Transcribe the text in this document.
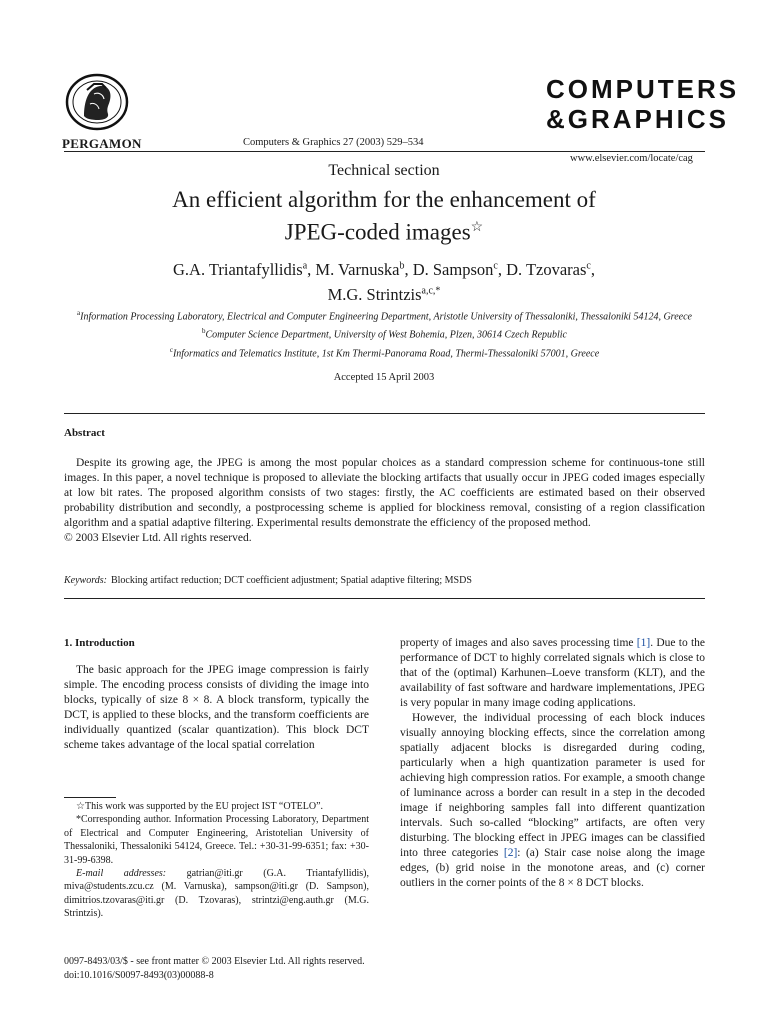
PERGAMON	Computers & Graphics 27 (2003) 529–534
COMPUTERS
&GRAPHICS
www.elsevier.com/locate/cag
Technical section
An efficient algorithm for the enhancement of
JPEG-coded images☆
G.A. Triantafyllidis$^a$, M. Varnuska$^b$, D. Sampson$^c$, D. Tzovaras$^c$,
M.G. Strintzis$^{a,c,*}$
$^a$Information Processing Laboratory, Electrical and Computer Engineering Department, Aristotle University of Thessaloniki, Thessaloniki 54124, Greece
$^b$Computer Science Department, University of West Bohemia, Plzen, 30614 Czech Republic
$^c$Informatics and Telematics Institute, 1st Km Thermi-Panorama Road, Thermi-Thessaloniki 57001, Greece
Accepted 15 April 2003
Abstract
Despite its growing age, the JPEG is among the most popular choices as a standard compression scheme for continuous-tone still images. In this paper, a novel technique is proposed to alleviate the blocking artifacts that usually occur in JPEG coded images especially at low bit rates. The proposed algorithm consists of two stages: firstly, the AC coefficients are estimated based on their observed probability distribution and secondly, a postprocessing scheme is applied for blockiness removal, consisting of a region classification algorithm and a spatial adaptive filtering. Experimental results demonstrate the efficiency of the proposed method.
© 2003 Elsevier Ltd. All rights reserved.
Keywords: Blocking artifact reduction; DCT coefficient adjustment; Spatial adaptive filtering; MSDS

1. Introduction

The basic approach for the JPEG image compression is fairly simple. The encoding process consists of dividing the image into blocks, typically of size 8 × 8. A block transform, typically the DCT, is applied to these blocks, and the transform coefficients are individually quantized (scalar quantization). This block DCT scheme takes advantage of the local spatial correlation

☆This work was supported by the EU project IST “OTELO”.

*Corresponding author. Information Processing Laboratory, Department of Electrical and Computer Engineering, Aristotelian University of Thessaloniki, Thessaloniki 54124, Greece. Tel.: +30-31-99-6351; fax: +30-31-99-6398.

E-mail addresses: gatrian@iti.gr (G.A. Triantafyllidis), miva@students.zcu.cz (M. Varnuska), sampson@iti.gr (D. Sampson), dimitrios.tzovaras@iti.gr (D. Tzovaras), strintzi@eng.auth.gr (M.G. Strintzis).

property of images and also saves processing time [1]. Due to the performance of DCT to highly correlated signals which is close to that of the (optimal) Karhunen–Loeve transform (KLT), and the availability of fast software and hardware implementations, JPEG is very popular in many image coding applications.

However, the individual processing of each block induces visually annoying blocking effects, since the correlation among spatially adjacent blocks is disregarded during coding, particularly when a high quantization parameter is used for achieving high compression ratios. For example, a smooth change of luminance across a border can result in a step in the decoded image if neighboring samples fall into different quantization intervals. Such so-called “blocking” artifacts, are often very disturbing. The blocking effect in JPEG images can be classified into three categories [2]: (a) Stair case noise along the image edges, (b) grid noise in the monotone areas, and (c) corner outliers in the corner points of the 8 × 8 DCT blocks.

0097-8493/03/$ - see front matter © 2003 Elsevier Ltd. All rights reserved.
doi:10.1016/S0097-8493(03)00088-8
